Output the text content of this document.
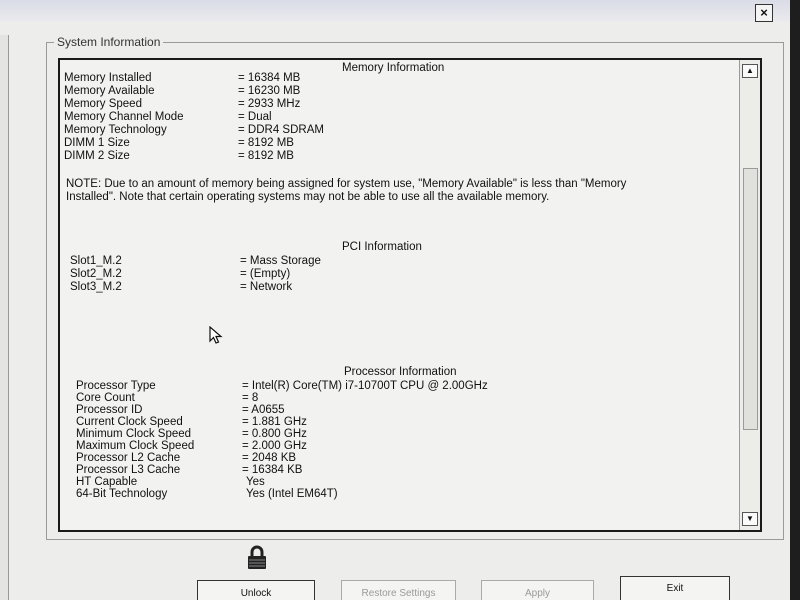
×
System Information
Memory Information
Memory Installed	= 16384 MB
Memory Available	= 16230 MB
Memory Speed	= 2933 MHz
Memory Channel Mode	= Dual
Memory Technology	= DDR4 SDRAM
DIMM 1 Size	= 8192 MB
DIMM 2 Size	= 8192 MB
NOTE: Due to an amount of memory being assigned for system use, "Memory Available" is less than "Memory Installed". Note that certain operating systems may not be able to use all the available memory.
PCI Information
Slot1_M.2	= Mass Storage
Slot2_M.2	= (Empty)
Slot3_M.2	= Network
Processor Information
Processor Type	= Intel(R) Core(TM) i7-10700T CPU @ 2.00GHz
Core Count	= 8
Processor ID	= A0655
Current Clock Speed	= 1.881 GHz
Minimum Clock Speed	= 0.800 GHz
Maximum Clock Speed	= 2.000 GHz
Processor L2 Cache	= 2048 KB
Processor L3 Cache	= 16384 KB
HT Capable	Yes
64-Bit Technology	Yes (Intel EM64T)
▲
▼
Unlock	Restore Settings	Apply	Exit
